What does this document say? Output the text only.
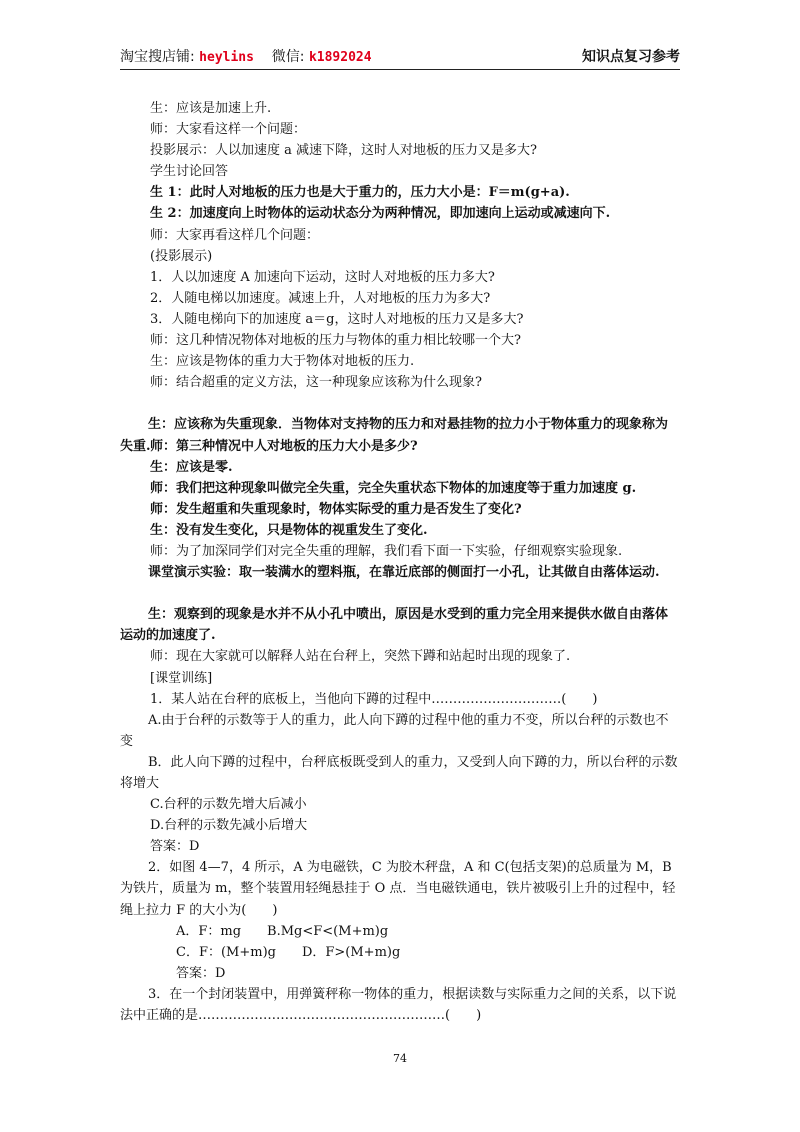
淘宝搜店铺: heylins 微信: k1892024	知识点复习参考
生：应该是加速上升.
师：大家看这样一个问题：
投影展示：人以加速度 a 减速下降，这时人对地板的压力又是多大?
学生讨论回答
生 1：此时人对地板的压力也是大于重力的，压力大小是：F＝m(g+a).
生 2：加速度向上时物体的运动状态分为两种情况，即加速向上运动或减速向下.
师：大家再看这样几个问题：
(投影展示)
1．人以加速度 A 加速向下运动，这时人对地板的压力多大?
2．人随电梯以加速度。减速上升，人对地板的压力为多大?
3．人随电梯向下的加速度 a＝g，这时人对地板的压力又是多大?
师：这几种情况物体对地板的压力与物体的重力相比较哪一个大?
生：应该是物体的重力大于物体对地板的压力.
师：结合超重的定义方法，这一种现象应该称为什么现象?
生：应该称为失重现象．当物体对支持物的压力和对悬挂物的拉力小于物体重力的现象称为失重. 师：第三种情况中人对地板的压力大小是多少?
生：应该是零.
师：我们把这种现象叫做完全失重，完全失重状态下物体的加速度等于重力加速度 g.
师：发生超重和失重现象时，物体实际受的重力是否发生了变化?
生：没有发生变化，只是物体的视重发生了变化.
师：为了加深同学们对完全失重的理解，我们看下面一下实验，仔细观察实验现象.
课堂演示实验：取一装满水的塑料瓶，在靠近底部的侧面打一小孔，让其做自由落体运动.
生：观察到的现象是水并不从小孔中喷出，原因是水受到的重力完全用来提供水做自由落体运动的加速度了.
师：现在大家就可以解释人站在台秤上，突然下蹲和站起时出现的现象了.
[课堂训练]
1．某人站在台秤的底板上，当他向下蹲的过程中…………………………(　　)
A.由于台秤的示数等于人的重力，此人向下蹲的过程中他的重力不变，所以台秤的示数也不变
B．此人向下蹲的过程中，台秤底板既受到人的重力，又受到人向下蹲的力，所以台秤的示数将增大
C.台秤的示数先增大后减小
D.台秤的示数先减小后增大
答案：D
2．如图 4—7，4 所示，A 为电磁铁，C 为胶木秤盘，A 和 C(包括支架)的总质量为 M，B 为铁片，质量为 m，整个装置用轻绳悬挂于 O 点．当电磁铁通电，铁片被吸引上升的过程中，轻绳上拉力 F 的大小为(　　)
A．F：mg　　B.Mg<F<(M+m)g
C．F：(M+m)g　　D．F>(M+m)g
答案：D
3．在一个封闭装置中，用弹簧秤称一物体的重力，根据读数与实际重力之间的关系，以下说法中正确的是…………………………………………………(　　)
74
